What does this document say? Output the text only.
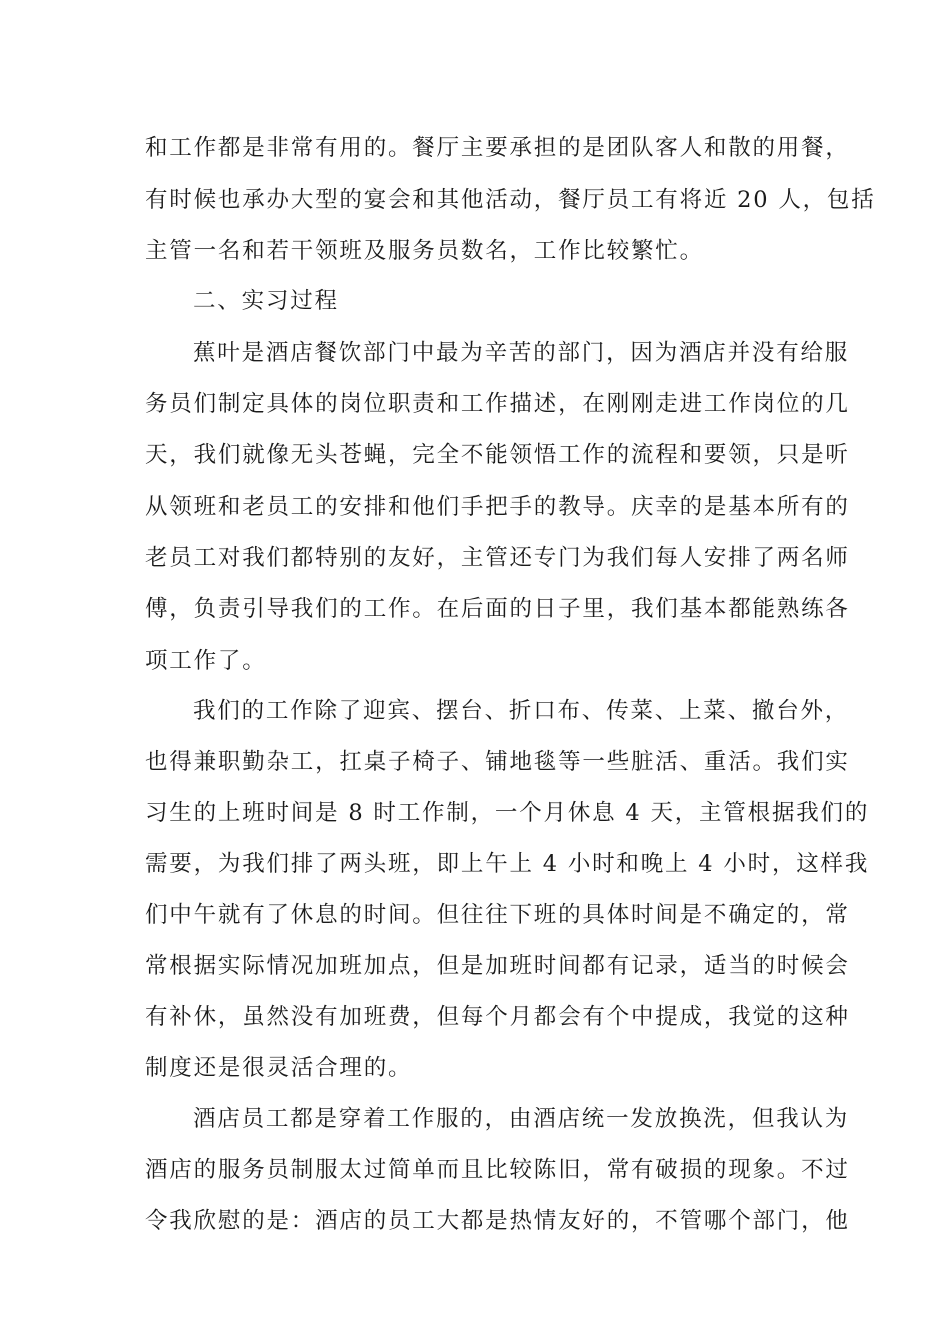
和工作都是非常有用的。餐厅主要承担的是团队客人和散的用餐，
有时候也承办大型的宴会和其他活动，餐厅员工有将近 20 人，包括
主管一名和若干领班及服务员数名，工作比较繁忙。
二、实习过程
蕉叶是酒店餐饮部门中最为辛苦的部门，因为酒店并没有给服
务员们制定具体的岗位职责和工作描述，在刚刚走进工作岗位的几
天，我们就像无头苍蝇，完全不能领悟工作的流程和要领，只是听
从领班和老员工的安排和他们手把手的教导。庆幸的是基本所有的
老员工对我们都特别的友好，主管还专门为我们每人安排了两名师
傅，负责引导我们的工作。在后面的日子里，我们基本都能熟练各
项工作了。
我们的工作除了迎宾、摆台、折口布、传菜、上菜、撤台外，
也得兼职勤杂工，扛桌子椅子、铺地毯等一些脏活、重活。我们实
习生的上班时间是 8 时工作制，一个月休息 4 天，主管根据我们的
需要，为我们排了两头班，即上午上 4 小时和晚上 4 小时，这样我
们中午就有了休息的时间。但往往下班的具体时间是不确定的，常
常根据实际情况加班加点，但是加班时间都有记录，适当的时候会
有补休，虽然没有加班费，但每个月都会有个中提成，我觉的这种
制度还是很灵活合理的。
酒店员工都是穿着工作服的，由酒店统一发放换洗，但我认为
酒店的服务员制服太过简单而且比较陈旧，常有破损的现象。不过
令我欣慰的是：酒店的员工大都是热情友好的，不管哪个部门，他
